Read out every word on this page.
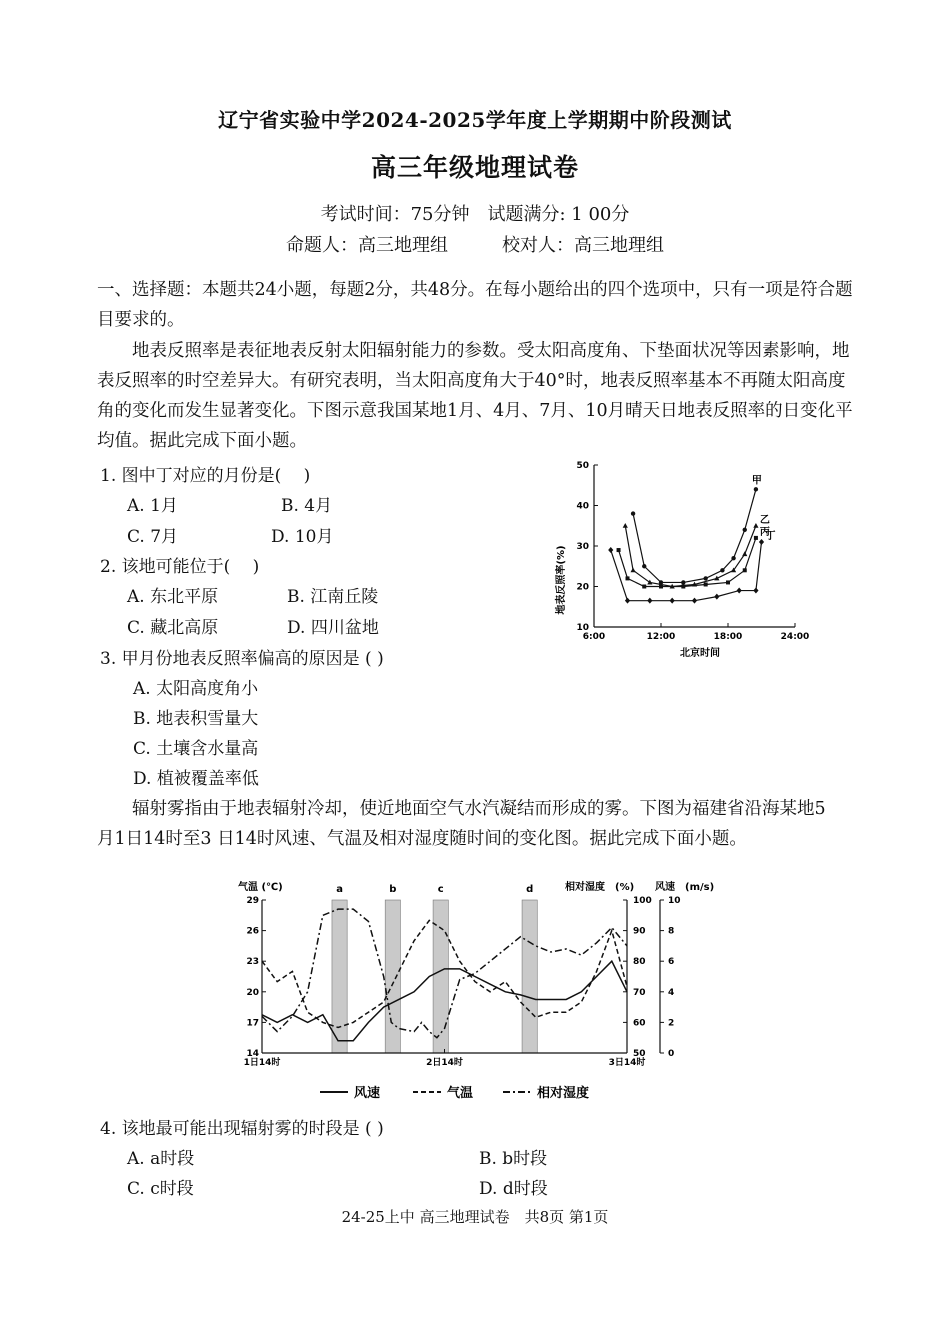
辽宁省实验中学2024-2025学年度上学期期中阶段测试
高三年级地理试卷
考试时间：75分钟　试题满分: 1 00分
命题人：高三地理组　　　校对人：高三地理组
一、选择题：本题共24小题，每题2分，共48分。在每小题给出的四个选项中，只有一项是符合题目要求的。
地表反照率是表征地表反射太阳辐射能力的参数。受太阳高度角、下垫面状况等因素影响，地表反照率的时空差异大。有研究表明，当太阳高度角大于40°时，地表反照率基本不再随太阳高度角的变化而发生显著变化。下图示意我国某地1月、4月、7月、10月晴天日地表反照率的日变化平均值。据此完成下面小题。
1. 图中丁对应的月份是(　 )
A. 1月	B. 4月
C. 7月	D. 10月
2. 该地可能位于(　 )
A. 东北平原	B. 江南丘陵
C. 藏北高原	D. 四川盆地
3. 甲月份地表反照率偏高的原因是 ( )
A. 太阳高度角小
B. 地表积雪量大
C. 土壤含水量高
D. 植被覆盖率低
辐射雾指由于地表辐射冷却，使近地面空气水汽凝结而形成的雾。下图为福建省沿海某地5月1日14时至3 日14时风速、气温及相对湿度随时间的变化图。据此完成下面小题。
4. 该地最可能出现辐射雾的时段是 ( )
A. a时段	B. b时段
C. c时段	D. d时段
10
20
30
40
50
6:00	12:00	18:00	24:00
甲
乙
丙
丁
地表反照率(%)
北京时间
a	b	c	d
14
17
20
23
26
29
50
60
70
80
90
100
0
2
4
6
8
10
1日14时	2日14时	3日14时
气温 (℃)	相对湿度　(%) 风速　(m/s)
风速	气温	相对湿度
24-25上中 高三地理试卷　共8页 第1页
